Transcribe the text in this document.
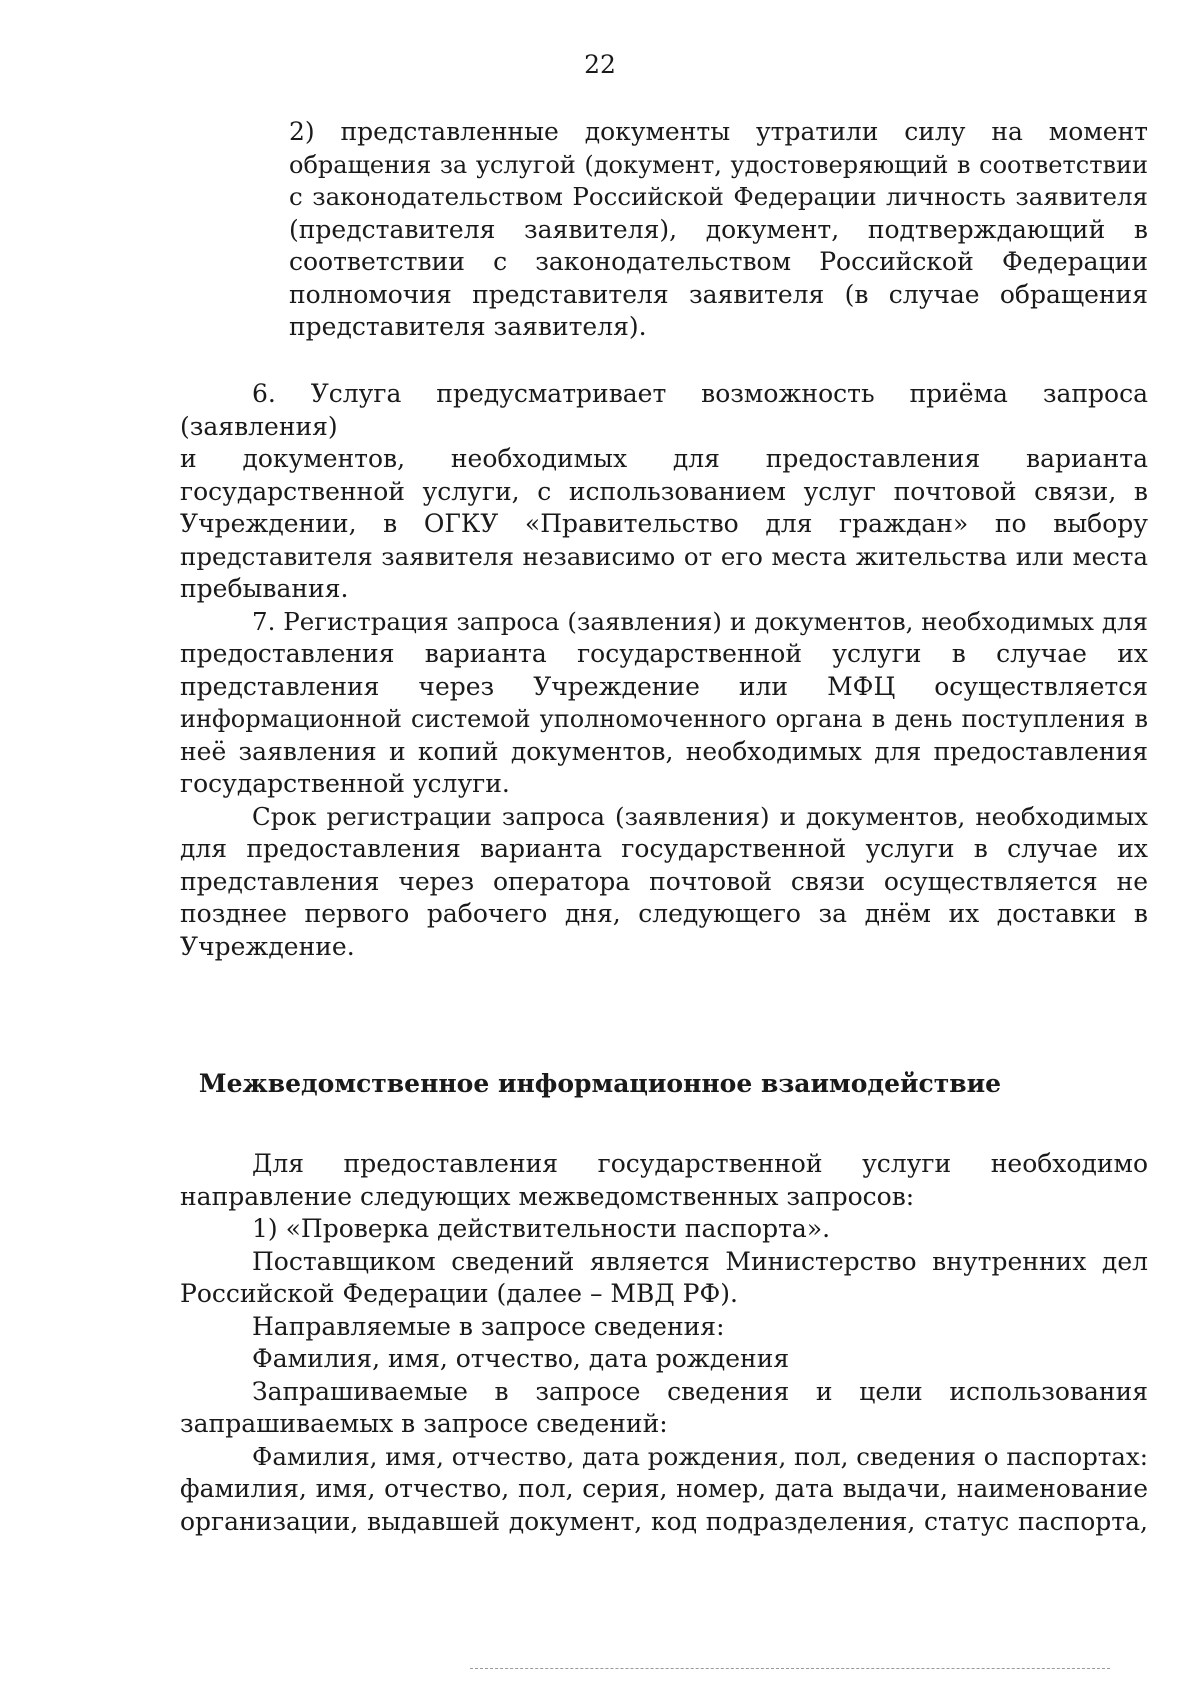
22
2) представленные документы утратили силу на момент
обращения за услугой (документ, удостоверяющий в соответствии
с законодательством Российской Федерации личность заявителя
(представителя заявителя), документ, подтверждающий в
соответствии с законодательством Российской Федерации
полномочия представителя заявителя (в случае обращения
представителя заявителя).
6. Услуга предусматривает возможность приёма запроса
(заявления)
и документов, необходимых для предоставления варианта
государственной услуги, с использованием услуг почтовой связи, в
Учреждении, в ОГКУ «Правительство для граждан» по выбору
представителя заявителя независимо от его места жительства или места
пребывания.
7. Регистрация запроса (заявления) и документов, необходимых для
предоставления варианта государственной услуги в случае их
представления через Учреждение или МФЦ осуществляется
информационной системой уполномоченного органа в день поступления в
неё заявления и копий документов, необходимых для предоставления
государственной услуги.
Срок регистрации запроса (заявления) и документов, необходимых
для предоставления варианта государственной услуги в случае их
представления через оператора почтовой связи осуществляется не
позднее первого рабочего дня, следующего за днём их доставки в
Учреждение.
Межведомственное информационное взаимодействие
Для предоставления государственной услуги необходимо
направление следующих межведомственных запросов:
1) «Проверка действительности паспорта».
Поставщиком сведений является Министерство внутренних дел
Российской Федерации (далее – МВД РФ).
Направляемые в запросе сведения:
Фамилия, имя, отчество, дата рождения
Запрашиваемые в запросе сведения и цели использования
запрашиваемых в запросе сведений:
Фамилия, имя, отчество, дата рождения, пол, сведения о паспортах:
фамилия, имя, отчество, пол, серия, номер, дата выдачи, наименование
организации, выдавшей документ, код подразделения, статус паспорта,
